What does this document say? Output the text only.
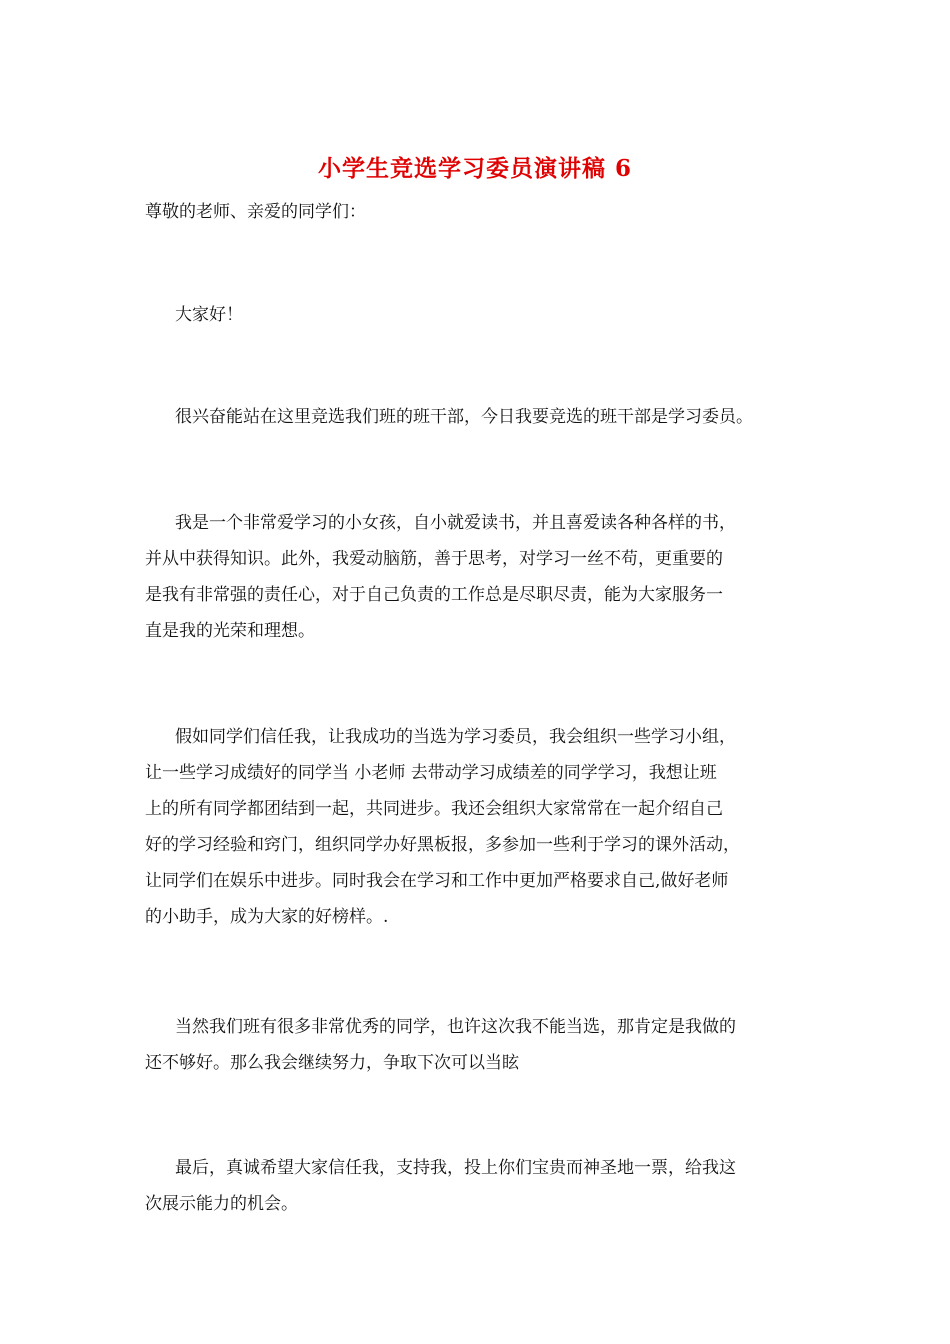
小学生竞选学习委员演讲稿 6
尊敬的老师、亲爱的同学们：
大家好！
很兴奋能站在这里竞选我们班的班干部，今日我要竞选的班干部是学习委员。
我是一个非常爱学习的小女孩，自小就爱读书，并且喜爱读各种各样的书，
并从中获得知识。此外，我爱动脑筋，善于思考，对学习一丝不苟，更重要的
是我有非常强的责任心，对于自己负责的工作总是尽职尽责，能为大家服务一
直是我的光荣和理想。
假如同学们信任我，让我成功的当选为学习委员，我会组织一些学习小组，
让一些学习成绩好的同学当 小老师 去带动学习成绩差的同学学习，我想让班
上的所有同学都团结到一起，共同进步。我还会组织大家常常在一起介绍自己
好的学习经验和窍门，组织同学办好黑板报，多参加一些利于学习的课外活动，
让同学们在娱乐中进步。同时我会在学习和工作中更加严格要求自己,做好老师
的小助手，成为大家的好榜样。.
当然我们班有很多非常优秀的同学，也许这次我不能当选，那肯定是我做的
还不够好。那么我会继续努力，争取下次可以当眩
最后，真诚希望大家信任我，支持我，投上你们宝贵而神圣地一票，给我这
次展示能力的机会。
